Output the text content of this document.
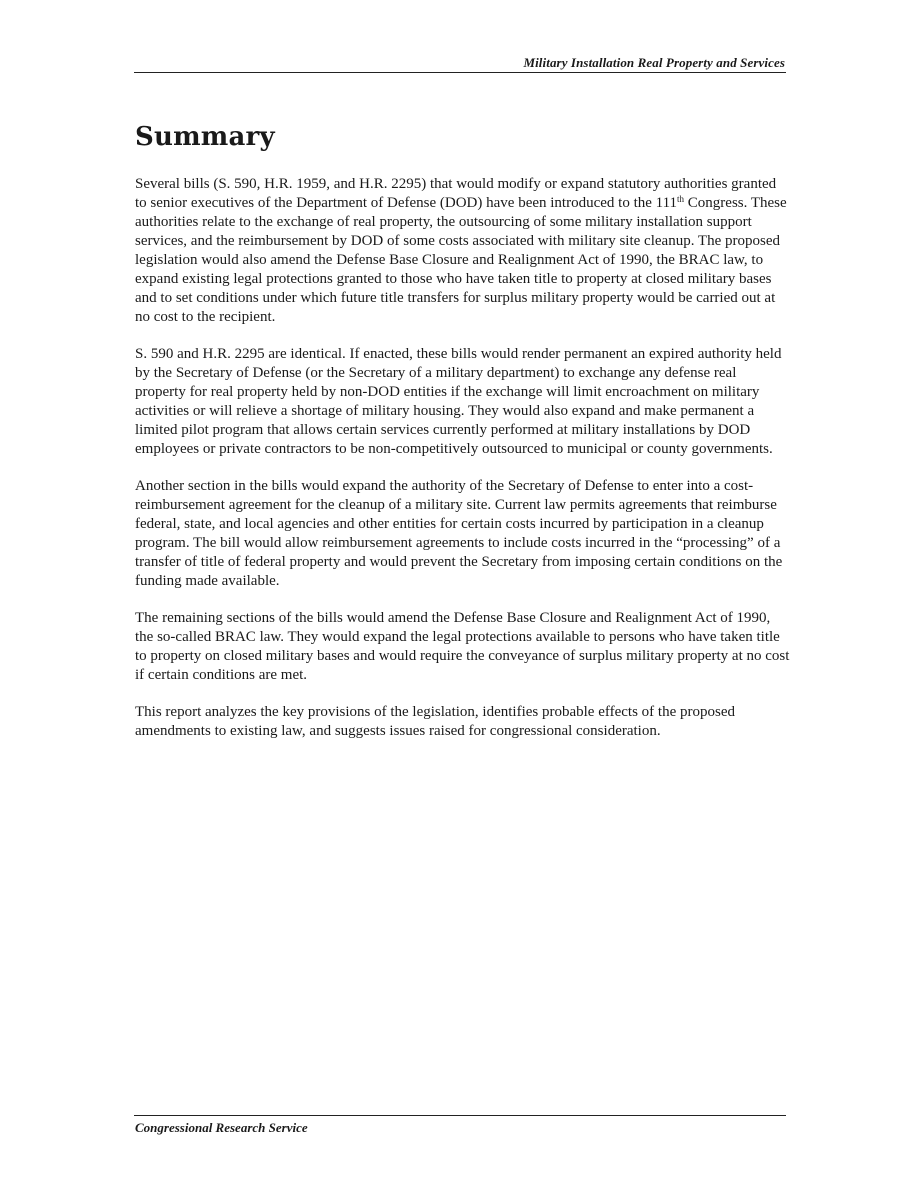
Military Installation Real Property and Services
Summary

Several bills (S. 590, H.R. 1959, and H.R. 2295) that would modify or expand statutory authorities granted to senior executives of the Department of Defense (DOD) have been introduced to the 111th Congress. These authorities relate to the exchange of real property, the outsourcing of some military installation support services, and the reimbursement by DOD of some costs associated with military site cleanup. The proposed legislation would also amend the Defense Base Closure and Realignment Act of 1990, the BRAC law, to expand existing legal protections granted to those who have taken title to property at closed military bases and to set conditions under which future title transfers for surplus military property would be carried out at no cost to the recipient.

S. 590 and H.R. 2295 are identical. If enacted, these bills would render permanent an expired authority held by the Secretary of Defense (or the Secretary of a military department) to exchange any defense real property for real property held by non-DOD entities if the exchange will limit encroachment on military activities or will relieve a shortage of military housing. They would also expand and make permanent a limited pilot program that allows certain services currently performed at military installations by DOD employees or private contractors to be non-competitively outsourced to municipal or county governments.

Another section in the bills would expand the authority of the Secretary of Defense to enter into a cost-reimbursement agreement for the cleanup of a military site. Current law permits agreements that reimburse federal, state, and local agencies and other entities for certain costs incurred by participation in a cleanup program. The bill would allow reimbursement agreements to include costs incurred in the “processing” of a transfer of title of federal property and would prevent the Secretary from imposing certain conditions on the funding made available.

The remaining sections of the bills would amend the Defense Base Closure and Realignment Act of 1990, the so-called BRAC law. They would expand the legal protections available to persons who have taken title to property on closed military bases and would require the conveyance of surplus military property at no cost if certain conditions are met.

This report analyzes the key provisions of the legislation, identifies probable effects of the proposed amendments to existing law, and suggests issues raised for congressional consideration.

Congressional Research Service
